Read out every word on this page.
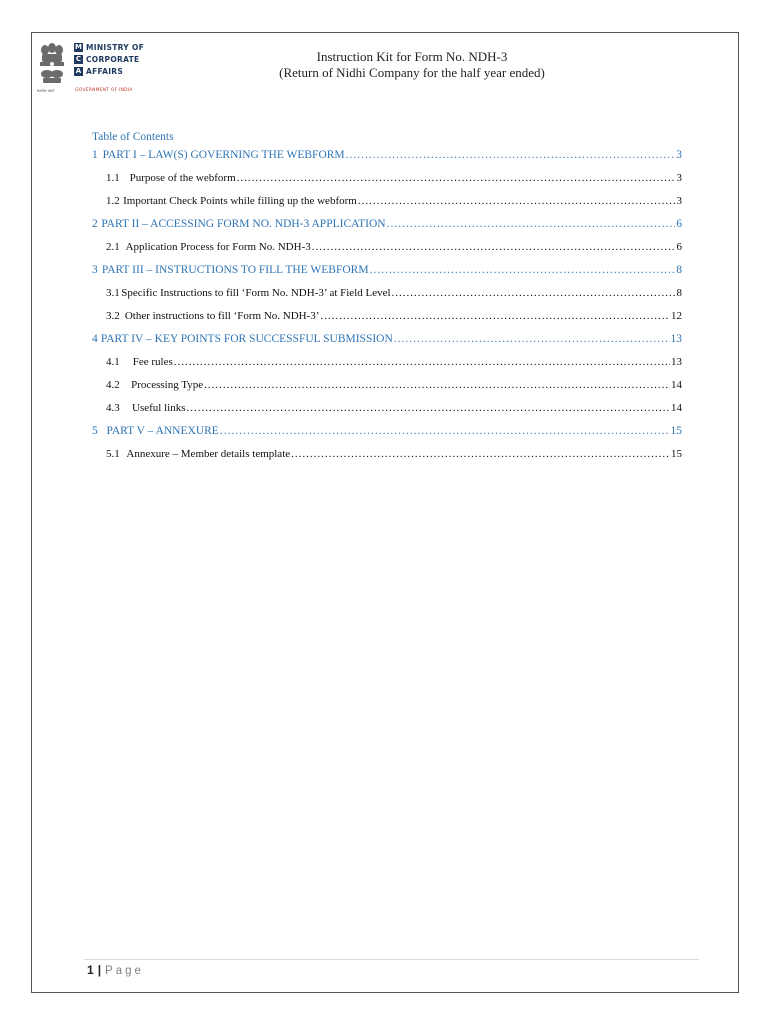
सत्यमेव जयते
M MINISTRY OF
C CORPORATE
A AFFAIRS
GOVERNMENT OF INDIA
Instruction Kit for Form No. NDH-3
(Return of Nidhi Company for the half year ended)
Table of Contents
1 PART I – LAW(S) GOVERNING THE WEBFORM .....	3
1.1 Purpose of the webform .....	3
1.2 Important Check Points while filling up the webform .....	3
2 PART II – ACCESSING FORM NO. NDH-3 APPLICATION .....	6
2.1 Application Process for Form No. NDH-3 .....	6
3 PART III – INSTRUCTIONS TO FILL THE WEBFORM .....	8
3.1 Specific Instructions to fill ‘Form No. NDH-3’ at Field Level .....	8
3.2 Other instructions to fill ‘Form No. NDH-3’ .....	12
4 PART IV – KEY POINTS FOR SUCCESSFUL SUBMISSION .....	13
4.1	Fee rules .....	13
4.2	Processing Type .....	14
4.3	Useful links .....	14
5 PART V – ANNEXURE .....	15
5.1 Annexure – Member details template .....	15
1 | Page
